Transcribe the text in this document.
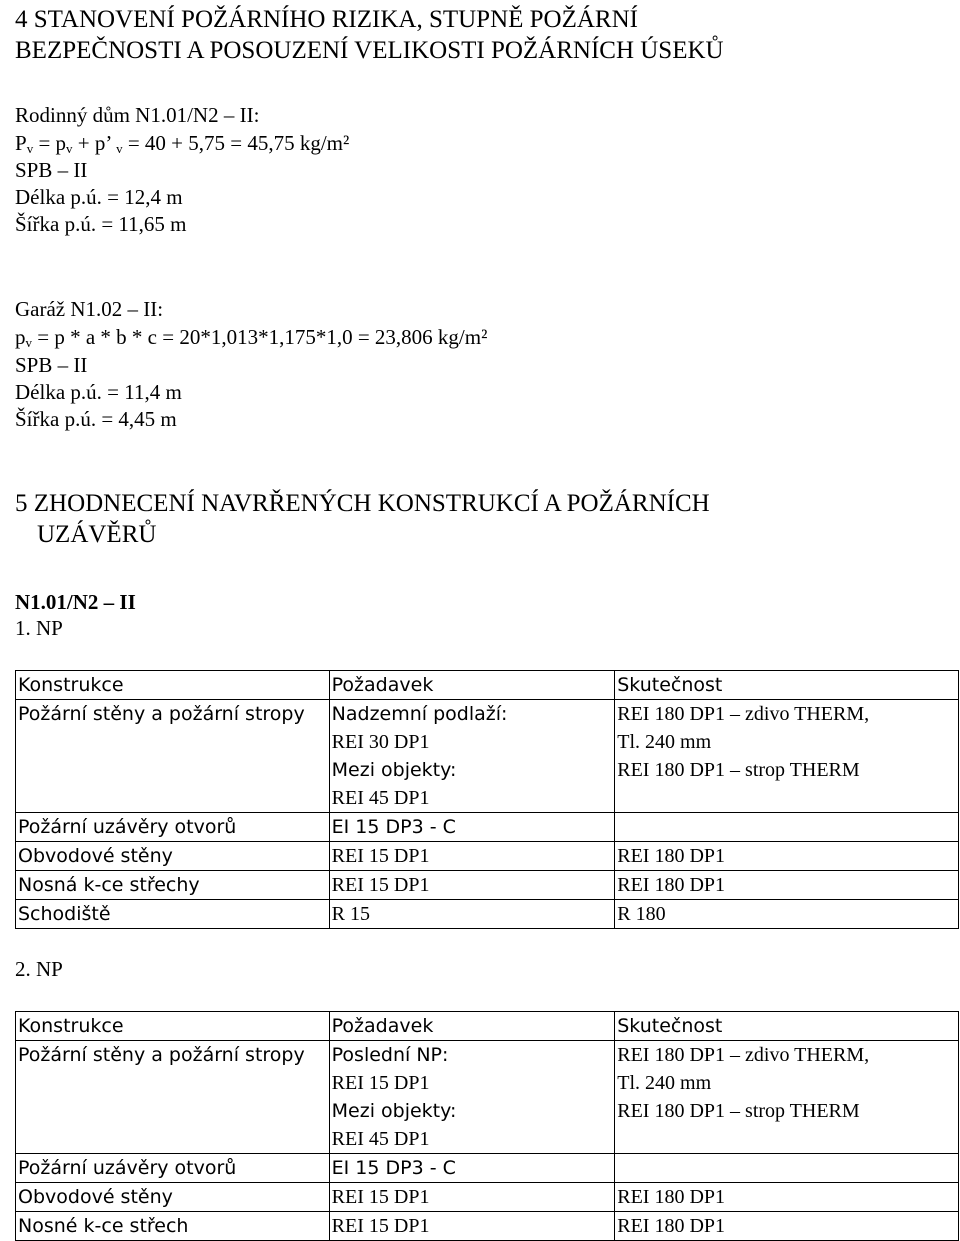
4 STANOVENÍ POŽÁRNÍHO RIZIKA, STUPNĚ POŽÁRNÍ
BEZPEČNOSTI A POSOUZENÍ VELIKOSTI POŽÁRNÍCH ÚSEKŮ
Rodinný dům N1.01/N2 – II:
$P_v = p_v + p$’ $_v$ = 40 + 5,75 = 45,75 kg/m²
SPB – II
Délka p.ú. = 12,4 m
Šířka p.ú. = 11,65 m
Garáž N1.02 – II:
$p_v = p * a * b * c = 20*1,013*1,175*1,0 = 23,806$ kg/m²
SPB – II
Délka p.ú. = 11,4 m
Šířka p.ú. = 4,45 m
5 ZHODNECENÍ NAVRŘENÝCH KONSTRUKCÍ A POŽÁRNÍCH
UZÁVĚRŮ
N1.01/N2 – II
1. NP
Konstrukce	Požadavek	Skutečnost
Požární stěny a požární stropy	Nadzemní podlaží:
REI 30 DP1
Mezi objekty:
REI 45 DP1	REI 180 DP1 – zdivo THERM,
Tl. 240 mm
REI 180 DP1 – strop THERM

Požární uzávěry otvorů	EI 15 DP3 - C	
Obvodové stěny	REI 15 DP1	REI 180 DP1
Nosná k-ce střechy	REI 15 DP1	REI 180 DP1
Schodiště	R 15	R 180
2. NP
Konstrukce	Požadavek	Skutečnost
Požární stěny a požární stropy	Poslední NP:
REI 15 DP1
Mezi objekty:
REI 45 DP1	REI 180 DP1 – zdivo THERM,
Tl. 240 mm
REI 180 DP1 – strop THERM

Požární uzávěry otvorů	EI 15 DP3 - C	
Obvodové stěny	REI 15 DP1	REI 180 DP1
Nosné k-ce střech	REI 15 DP1	REI 180 DP1
